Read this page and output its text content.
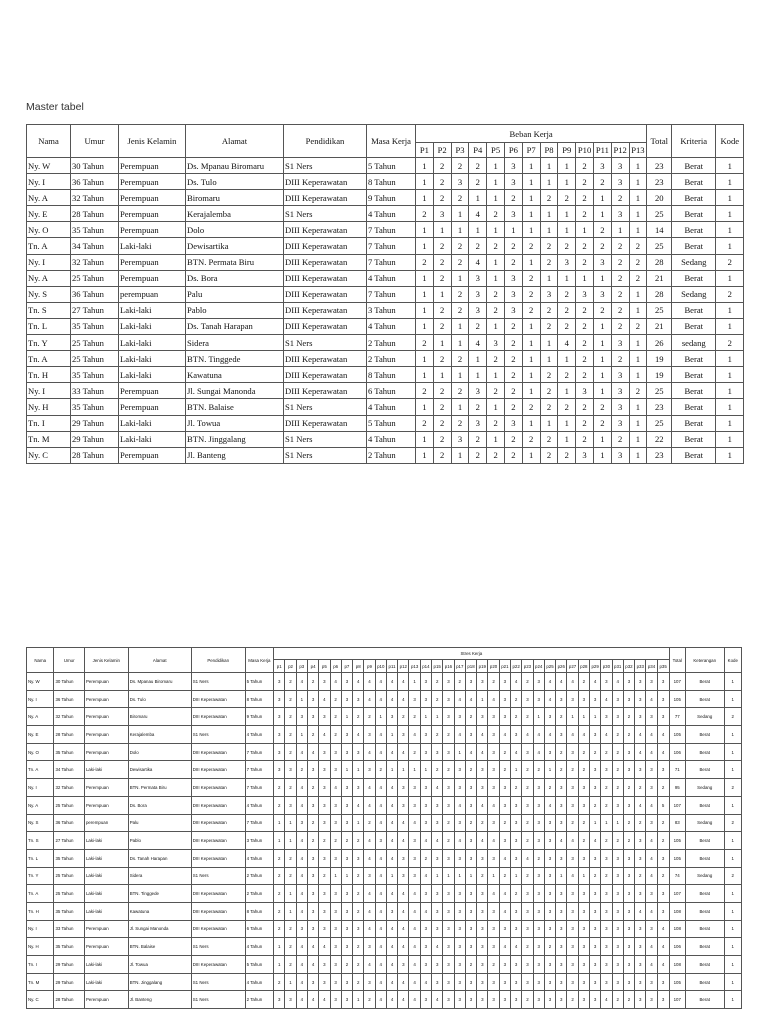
Master tabel
Nama	Umur	Jenis Kelamin	Alamat	Pendidikan	Masa Kerja	Beban Kerja													Total	Kriteria	Kode
						P1	P2	P3	P4	P5	P6	P7	P8	P9	P10	P11	P12	P13			
Ny. W	30 Tahun	Perempuan	Ds. Mpanau Biromaru	S1 Ners	5 Tahun	1	2	2	2	1	3	1	1	1	2	3	3	1	23	Berat	1
Ny. I	36 Tahun	Perempuan	Ds. Tulo	DIII Keperawatan	8 Tahun	1	2	3	2	1	3	1	1	1	2	2	3	1	23	Berat	1
Ny. A	32 Tahun	Perempuan	Biromaru	DIII Keperawatan	9 Tahun	1	2	2	1	1	2	1	2	2	2	1	2	1	20	Berat	1
Ny. E	28 Tahun	Perempuan	Kerajalemba	S1 Ners	4 Tahun	2	3	1	4	2	3	1	1	1	2	1	3	1	25	Berat	1
Ny. O	35 Tahun	Perempuan	Dolo	DIII Keperawatan	7 Tahun	1	1	1	1	1	1	1	1	1	1	2	1	1	14	Berat	1
Tn. A	34 Tahun	Laki-laki	Dewisartika	DIII Keperawatan	7 Tahun	1	2	2	2	2	2	2	2	2	2	2	2	2	25	Berat	1
Ny. I	32 Tahun	Perempuan	BTN. Permata Biru	DIII Keperawatan	7 Tahun	2	2	2	4	1	2	1	2	3	2	3	2	2	28	Sedang	2
Ny. A	25 Tahun	Perempuan	Ds. Bora	DIII Keperawatan	4 Tahun	1	2	1	3	1	3	2	1	1	1	1	2	2	21	Berat	1
Ny. S	36 Tahun	perempuan	Palu	DIII Keperawatan	7 Tahun	1	1	2	3	2	3	2	3	2	3	3	2	1	28	Sedang	2
Tn. S	27 Tahun	Laki-laki	Pablo	DIII Keperawatan	3 Tahun	1	2	2	3	2	3	2	2	2	2	2	2	1	25	Berat	1
Tn. L	35 Tahun	Laki-laki	Ds. Tanah Harapan	DIII Keperawatan	4 Tahun	1	2	1	2	1	2	1	2	2	2	1	2	2	21	Berat	1
Tn. Y	25 Tahun	Laki-laki	Sidera	S1 Ners	2 Tahun	2	1	1	4	3	2	1	1	4	2	1	3	1	26	sedang	2
Tn. A	25 Tahun	Laki-laki	BTN. Tinggede	DIII Keperawatan	2 Tahun	1	2	2	1	2	2	1	1	1	2	1	2	1	19	Berat	1
Tn. H	35 Tahun	Laki-laki	Kawatuna	DIII Keperawatan	8 Tahun	1	1	1	1	1	2	1	2	2	2	1	3	1	19	Berat	1
Ny. I	33 Tahun	Perempuan	Jl. Sungai Manonda	DIII Keperawatan	6 Tahun	2	2	2	3	2	2	1	2	1	3	1	3	2	25	Berat	1
Ny. H	35 Tahun	Perempuan	BTN. Balaise	S1 Ners	4 Tahun	1	2	1	2	1	2	2	2	2	2	2	3	1	23	Berat	1
Tn. I	29 Tahun	Laki-laki	Jl. Towua	DIII Keperawatan	5 Tahun	2	2	2	3	2	3	1	1	1	2	2	3	1	25	Berat	1
Tn. M	29 Tahun	Laki-laki	BTN. Jinggalang	S1 Ners	4 Tahun	1	2	3	2	1	2	2	2	1	2	1	2	1	22	Berat	1
Ny. C	28 Tahun	Perempuan	Jl. Banteng	S1 Ners	2 Tahun	1	2	1	2	2	2	1	2	2	3	1	3	1	23	Berat	1
Nama	Umur	Jenis Kelamin	Alamat	Pendidikan	Masa Kerja	Stres Kerja																																			Total	Keterangan	Kode
						p1	p2	p3	p4	p5	p6	p7	p8	p9	p10	p11	p12	p13	p14	p15	p16	p17	p18	p19	p20	p21	p22	p23	p24	p25	p26	p27	p28	p29	p30	p31	p32	p33	p34	p35			
Ny. W	30 Tahun	Perempuan	Ds. Mpanau Biromaru	S1 Ners	5 Tahun	3	2	4	2	3	4	3	4	4	4	4	4	1	3	2	3	2	3	3	2	3	4	2	3	4	4	4	2	4	3	4	3	3	3	3	107	Berat	1
Ny. I	36 Tahun	Perempuan	Ds. Tulo	DIII Keperawatan	8 Tahun	3	2	1	3	4	2	3	3	4	4	4	4	3	3	2	3	4	4	1	4	3	2	3	3	4	3	3	3	3	4	3	3	3	4	3	105	Berat	1
Ny. A	32 Tahun	Perempuan	Biromaru	DIII Keperawatan	9 Tahun	3	2	3	3	3	2	1	2	2	1	3	2	2	1	1	3	3	2	3	3	3	2	2	1	3	2	1	1	1	3	3	2	3	3	3	77	Sedang	2
Ny. E	28 Tahun	Perempuan	Kerajalemba	S1 Ners	4 Tahun	3	2	1	2	4	2	3	4	3	4	1	3	4	3	2	2	4	3	4	3	4	3	4	4	4	3	4	4	3	4	2	2	4	4	4	105	Berat	1
Ny. O	35 Tahun	Perempuan	Dolo	DIII Keperawatan	7 Tahun	3	2	4	4	3	3	3	3	4	4	4	4	2	3	3	3	1	4	4	3	2	4	3	4	3	2	3	2	2	2	2	3	4	4	4	106	Berat	1
Tn. A	34 Tahun	Laki-laki	Dewisartika	DIII Keperawatan	7 Tahun	3	3	2	3	3	3	1	1	3	2	1	1	1	1	2	2	3	2	3	3	2	1	2	2	1	2	2	2	3	3	2	3	3	3	3	71	Berat	1
Ny. I	32 Tahun	Perempuan	BTN. Permata Biru	DIII Keperawatan	7 Tahun	2	2	4	2	3	4	3	3	4	4	4	3	3	3	4	3	3	3	3	3	3	2	2	3	2	3	3	3	3	2	2	2	2	3	2	95	Sedang	2
Ny. A	25 Tahun	Perempuan	Ds. Bora	DIII Keperawatan	4 Tahun	2	3	4	3	3	3	3	4	4	4	4	3	3	3	3	3	4	3	4	4	3	3	3	3	4	3	3	3	2	2	3	3	4	4	5	107	Berat	1
Ny. S	36 Tahun	perempuan	Palu	DIII Keperawatan	7 Tahun	1	1	3	2	3	3	3	1	2	4	4	4	4	3	3	2	3	2	2	3	2	3	2	3	3	3	2	2	1	1	1	2	2	3	2	83	Sedang	2
Tn. S	27 Tahun	Laki-laki	Pablo	DIII Keperawatan	3 Tahun	1	1	4	2	2	2	2	2	4	3	4	4	3	4	4	2	4	3	4	4	3	3	2	3	3	4	4	2	4	2	2	2	3	4	2	105	Berat	1
Tn. L	35 Tahun	Laki-laki	Ds. Tanah Harapan	DIII Keperawatan	4 Tahun	2	2	4	3	3	3	3	3	4	4	4	3	3	2	3	3	3	3	3	3	4	3	4	2	3	3	3	3	3	3	3	3	3	4	3	105	Berat	1
Tn. Y	25 Tahun	Laki-laki	Sidera	S1 Ners	2 Tahun	2	2	4	3	2	1	1	2	3	4	1	3	3	4	1	1	1	1	2	1	2	1	2	3	3	1	4	1	2	2	3	3	2	4	2	74	Sedang	2
Tn. A	25 Tahun	Laki-laki	BTN. Tinggede	DIII Keperawatan	2 Tahun	2	1	4	3	3	3	3	2	4	4	4	4	4	3	3	3	3	3	3	4	4	2	3	3	3	3	3	3	3	3	3	3	3	3	3	107	Berat	1
Tn. H	35 Tahun	Laki-laki	Kawatuna	DIII Keperawatan	8 Tahun	2	1	4	3	3	3	3	2	4	4	3	4	4	4	3	3	3	3	3	3	4	3	3	3	3	3	3	3	3	3	3	3	4	4	3	108	Berat	1
Ny. I	33 Tahun	Perempuan	Jl. Sungai Manonda	DIII Keperawatan	6 Tahun	2	2	3	3	3	3	3	3	4	4	4	4	4	3	3	3	3	3	3	3	3	3	3	3	3	3	3	3	3	3	3	3	3	3	4	108	Berat	1
Ny. H	35 Tahun	Perempuan	BTN. Balaise	S1 Ners	4 Tahun	1	2	4	4	4	3	3	2	3	4	4	4	4	3	4	3	3	3	3	3	4	4	2	3	2	3	3	3	3	3	3	3	3	4	4	106	Berat	1
Tn. I	29 Tahun	Laki-laki	Jl. Towua	DIII Keperawatan	5 Tahun	1	2	4	4	3	3	2	2	4	4	4	3	4	3	3	3	3	2	3	2	3	3	3	3	3	3	3	3	3	3	3	3	3	4	4	108	Berat	1
Tn. M	29 Tahun	Laki-laki	BTN. Jinggalang	S1 Ners	4 Tahun	2	1	4	3	3	3	3	2	3	4	4	4	4	4	3	3	3	3	3	3	3	3	3	3	3	3	3	3	3	3	3	3	3	3	3	105	Berat	1
Ny. C	28 Tahun	Perempuan	Jl. Banteng	S1 Ners	2 Tahun	3	3	4	4	4	3	3	1	2	4	4	4	4	3	4	3	3	3	3	3	3	3	2	3	3	3	2	3	3	4	2	2	3	3	3	107	Berat	1
